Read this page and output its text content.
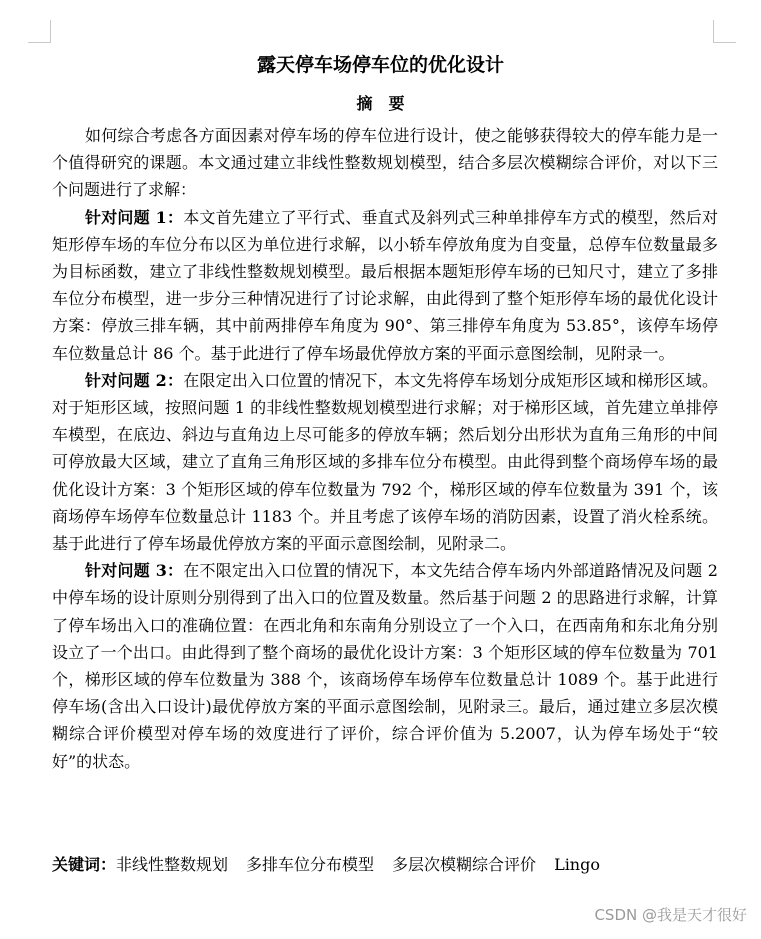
露天停车场停车位的优化设计
摘要

如何综合考虑各方面因素对停车场的停车位进行设计，使之能够获得较大的停车能力是一个值得研究的课题。本文通过建立非线性整数规划模型，结合多层次模糊综合评价，对以下三个问题进行了求解：

针对问题 1：本文首先建立了平行式、垂直式及斜列式三种单排停车方式的模型，然后对矩形停车场的车位分布以区为单位进行求解，以小轿车停放角度为自变量，总停车位数量最多为目标函数，建立了非线性整数规划模型。最后根据本题矩形停车场的已知尺寸，建立了多排车位分布模型，进一步分三种情况进行了讨论求解，由此得到了整个矩形停车场的最优化设计方案：停放三排车辆，其中前两排停车角度为 90°、第三排停车角度为 53.85°，该停车场停车位数量总计 86 个。基于此进行了停车场最优停放方案的平面示意图绘制，见附录一。

针对问题 2：在限定出入口位置的情况下，本文先将停车场划分成矩形区域和梯形区域。对于矩形区域，按照问题 1 的非线性整数规划模型进行求解；对于梯形区域，首先建立单排停车模型，在底边、斜边与直角边上尽可能多的停放车辆；然后划分出形状为直角三角形的中间可停放最大区域，建立了直角三角形区域的多排车位分布模型。由此得到整个商场停车场的最优化设计方案：3 个矩形区域的停车位数量为 792 个，梯形区域的停车位数量为 391 个，该商场停车场停车位数量总计 1183 个。并且考虑了该停车场的消防因素，设置了消火栓系统。基于此进行了停车场最优停放方案的平面示意图绘制，见附录二。

针对问题 3：在不限定出入口位置的情况下，本文先结合停车场内外部道路情况及问题 2 中停车场的设计原则分别得到了出入口的位置及数量。然后基于问题 2 的思路进行求解，计算了停车场出入口的准确位置：在西北角和东南角分别设立了一个入口，在西南角和东北角分别设立了一个出口。由此得到了整个商场的最优化设计方案：3 个矩形区域的停车位数量为 701 个，梯形区域的停车位数量为 388 个，该商场停车场停车位数量总计 1089 个。基于此进行停车场(含出入口设计)最优停放方案的平面示意图绘制，见附录三。最后，通过建立多层次模糊综合评价模型对停车场的效度进行了评价，综合评价值为 5.2007，认为停车场处于“较好”的状态。

关键词：非线性整数规划 多排车位分布模型 多层次模糊综合评价 Lingo

CSDN @我是天才很好
